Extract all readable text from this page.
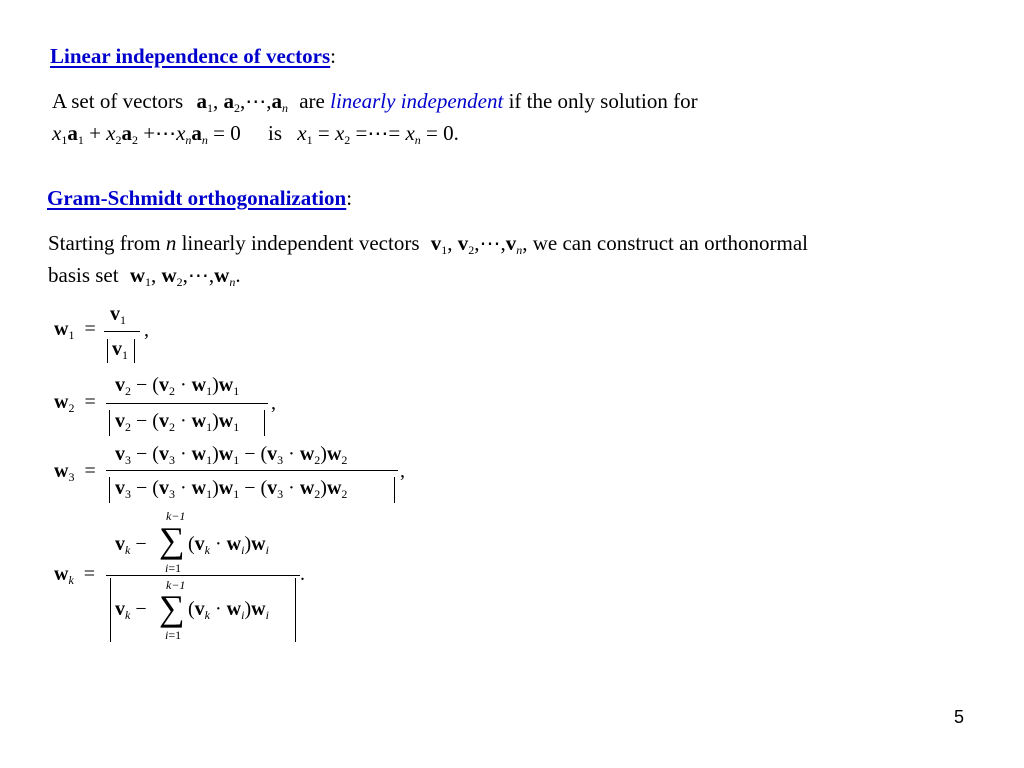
Linear independence of vectors:
A set of vectors a1, a2,⋯,an are linearly independent if the only solution for
x1a1 + x2a2 +⋯xnan = 0 is x1 = x2 =⋯= xn = 0.
Gram-Schmidt orthogonalization:
Starting from n linearly independent vectors v1, v2,⋯,vn, we can construct an orthonormal
basis set w1, w2,⋯,wn.
$w_1$  =
$v_1$
$v_1$
,
$w_2$  =
$v_2 - (v_2 \cdot w_1)w_1$
$v_2 - (v_2 \cdot w_1)w_1$
,
$w_3$  =
$v_3 - (v_3 \cdot w_1)w_1 - (v_3 \cdot w_2)w_2$
$v_3 - (v_3 \cdot w_1)w_1 - (v_3 \cdot w_2)w_2$
,
$w_k$  =
$v_k$ −
k−1
∑
i=1
$(v_k \cdot w_i)w_i$
$v_k$ −
k−1
∑
i=1
$(v_k \cdot w_i)w_i$
.
5
